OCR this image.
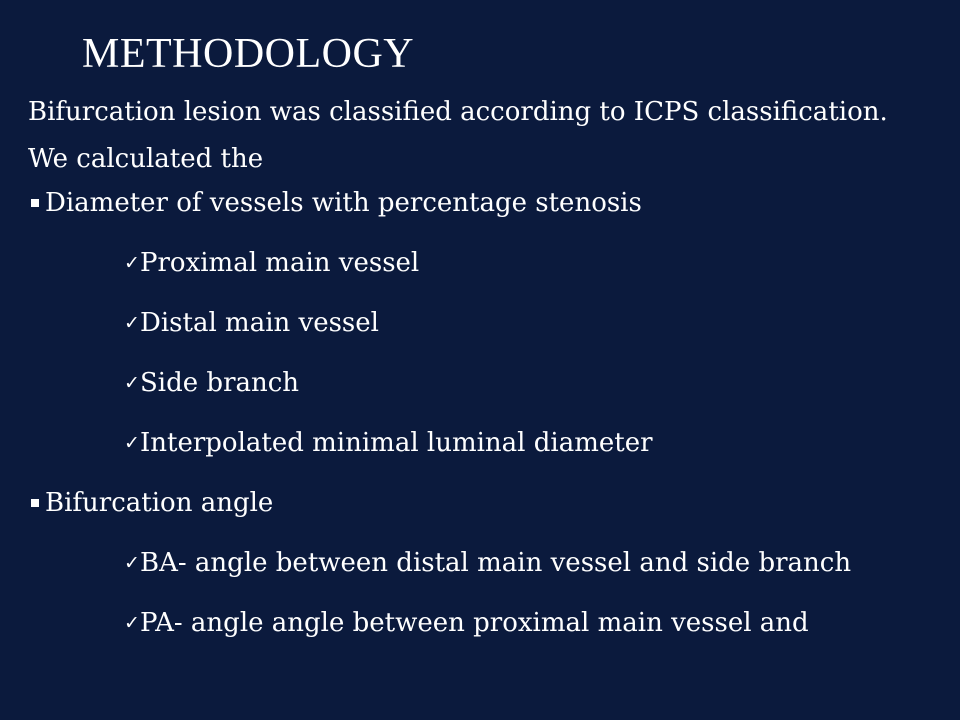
METHODOLOGY

Bifurcation lesion was classified according to ICPS classification.

We calculated the

Diameter of vessels with percentage stenosis
✓ Proximal main vessel
✓ Distal main vessel
✓ Side branch
✓ Interpolated minimal luminal diameter
Bifurcation angle
✓ BA- angle between distal main vessel and side branch
✓ PA- angle angle between proximal main vessel and
